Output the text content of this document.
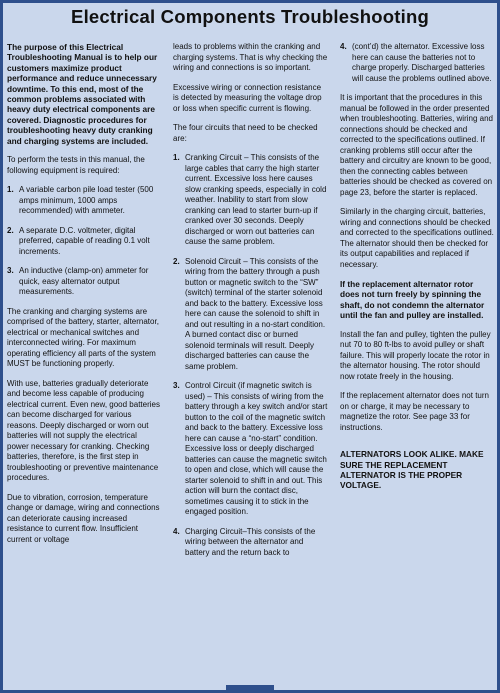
Electrical Components Troubleshooting

The purpose of this Electrical Troubleshooting Manual is to help our customers maximize product performance and reduce unnecessary downtime. To this end, most of the common problems associated with heavy duty electrical components are covered. Diagnostic procedures for troubleshooting heavy duty cranking and charging systems are included.

To perform the tests in this manual, the following equipment is required:

1. A variable carbon pile load tester (500 amps minimum, 1000 amps recommended) with ammeter.
2. A separate D.C. voltmeter, digital preferred, capable of reading 0.1 volt increments.
3. An inductive (clamp-on) ammeter for quick, easy alternator output measurements.

The cranking and charging systems are comprised of the battery, starter, alternator, electrical or mechanical switches and interconnected wiring. For maximum operating efficiency all parts of the system MUST be functioning properly.

With use, batteries gradually deteriorate and become less capable of producing electrical current. Even new, good batteries can become discharged for various reasons. Deeply discharged or worn out batteries will not supply the electrical power necessary for cranking. Checking batteries, therefore, is the first step in troubleshooting or preventive maintenance procedures.

Due to vibration, corrosion, temperature change or damage, wiring and connections can deteriorate causing increased resistance to current flow. Insufficient current or voltage

leads to problems within the cranking and charging systems. That is why checking the wiring and connections is so important.

Excessive wiring or connection resistance is detected by measuring the voltage drop or loss when specific current is flowing.

The four circuits that need to be checked are:

1. Cranking Circuit – This consists of the large cables that carry the high starter current. Excessive loss here causes slow cranking speeds, especially in cold weather. Inability to start from slow cranking can lead to starter burn-up if cranked over 30 seconds. Deeply discharged or worn out batteries can cause the same problem.
2. Solenoid Circuit – This consists of the wiring from the battery through a push button or magnetic switch to the “SW” (switch) terminal of the starter solenoid and back to the battery. Excessive loss here can cause the solenoid to shift in and out resulting in a no-start condition. A burned contact disc or burned solenoid terminals will result. Deeply discharged batteries can cause the same problem.
3. Control Circuit (if magnetic switch is used) – This consists of wiring from the battery through a key switch and/or start button to the coil of the magnetic switch and back to the battery. Excessive loss here can cause a “no-start” condition. Excessive loss or deeply discharged batteries can cause the magnetic switch to open and close, which will cause the starter solenoid to shift in and out. This action will burn the contact disc, sometimes causing it to stick in the engaged position.
4. Charging Circuit–This consists of the wiring between the alternator and battery and the return back to
4. (cont’d) the alternator. Excessive loss here can cause the batteries not to charge properly. Discharged batteries will cause the problems outlined above.

It is important that the procedures in this manual be followed in the order presented when troubleshooting. Batteries, wiring and connections should be checked and corrected to the specifications outlined. If cranking problems still occur after the battery and circuitry are known to be good, then the connecting cables between batteries should be checked as covered on page 23, before the starter is replaced.

Similarly in the charging circuit, batteries, wiring and connections should be checked and corrected to the specifications outlined. The alternator should then be checked for its output capabilities and replaced if necessary.

If the replacement alternator rotor does not turn freely by spinning the shaft, do not condemn the alternator until the fan and pulley are installed.

Install the fan and pulley, tighten the pulley nut 70 to 80 ft-lbs to avoid pulley or shaft failure. This will properly locate the rotor in the alternator housing. The rotor should now rotate freely in the housing.

If the replacement alternator does not turn on or charge, it may be necessary to magnetize the rotor. See page 33 for instructions.

ALTERNATORS LOOK ALIKE. MAKE SURE THE REPLACEMENT ALTERNATOR IS THE PROPER VOLTAGE.
